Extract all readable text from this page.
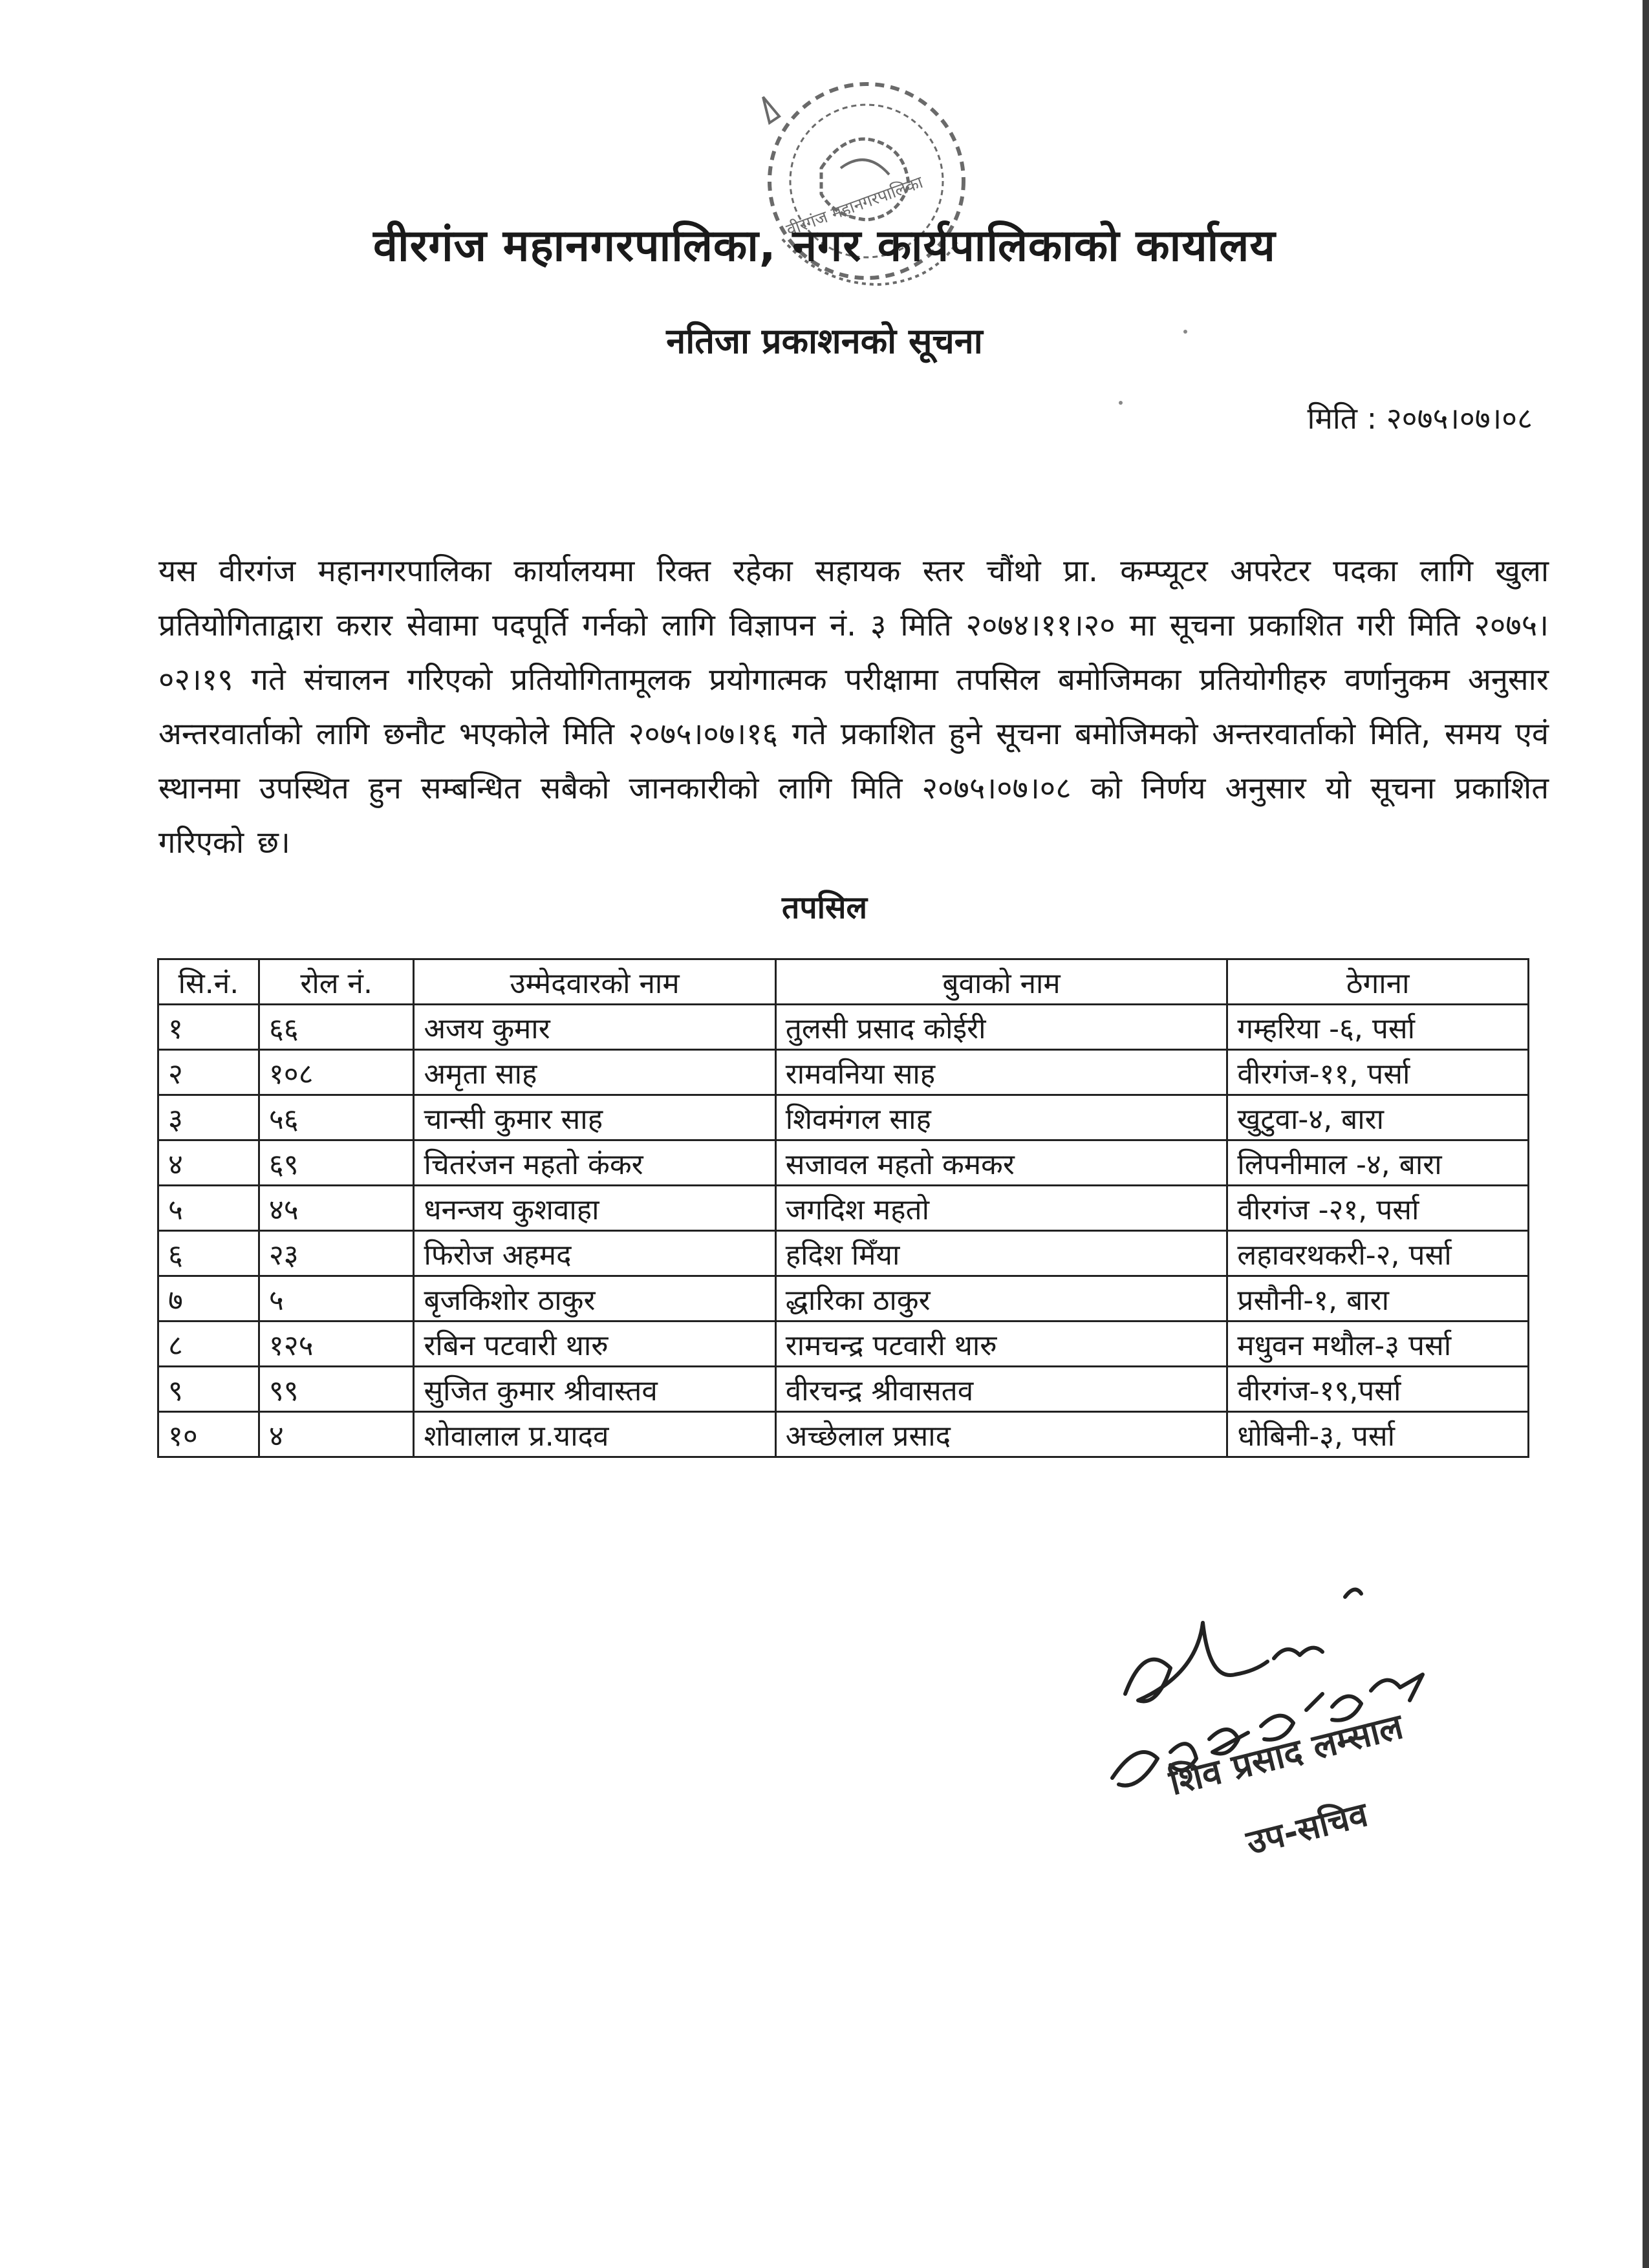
वीरगंज महानगरपालिका
वीरगंज महानगरपालिका, नगर कार्यपालिकाको कार्यालय
नतिजा प्रकाशनको सूचना
मिति : २०७५।०७।०८

यस वीरगंज महानगरपालिका कार्यालयमा रिक्त रहेका सहायक स्तर चौंथो प्रा. कम्प्यूटर अपरेटर पदका लागि खुला प्रतियोगिताद्वारा करार सेवामा पदपूर्ति गर्नको लागि विज्ञापन नं. ३ मिति २०७४।११।२० मा सूचना प्रकाशित गरी मिति २०७५।०२।१९ गते संचालन गरिएको प्रतियोगितामूलक प्रयोगात्मक परीक्षामा तपसिल बमोजिमका प्रतियोगीहरु वर्णानुकम अनुसार अन्तरवार्ताको लागि छनौट भएकोले मिति २०७५।०७।१६ गते प्रकाशित हुने सूचना बमोजिमको अन्तरवार्ताको मिति, समय एवं स्थानमा उपस्थित हुन सम्बन्धित सबैको जानकारीको लागि मिति २०७५।०७।०८ को निर्णय अनुसार यो सूचना प्रकाशित गरिएको छ।

तपसिल
सि.नं.	रोल नं.	उम्मेदवारको नाम	बुवाको नाम	ठेगाना
१	६६	अजय कुमार	तुलसी प्रसाद कोईरी	गम्हरिया -६, पर्सा
२	१०८	अमृता साह	रामवनिया साह	वीरगंज-११, पर्सा
३	५६	चान्सी कुमार साह	शिवमंगल साह	खुटुवा-४, बारा
४	६९	चितरंजन महतो कंकर	सजावल महतो कमकर	लिपनीमाल -४, बारा
५	४५	धनन्जय कुशवाहा	जगदिश महतो	वीरगंज -२१, पर्सा
६	२३	फिरोज अहमद	हदिश मिँया	लहावरथकरी-२, पर्सा
७	५	बृजकिशोर ठाकुर	द्धारिका ठाकुर	प्रसौनी-१, बारा
८	१२५	रबिन पटवारी थारु	रामचन्द्र पटवारी थारु	मधुवन मथौल-३ पर्सा
९	९९	सुजित कुमार श्रीवास्तव	वीरचन्द्र श्रीवासतव	वीरगंज-१९,पर्सा
१०	४	शोवालाल प्र.यादव	अच्छेलाल प्रसाद	धोबिनी-३, पर्सा

शिव प्रसाद लम्साल

उप-सचिव
